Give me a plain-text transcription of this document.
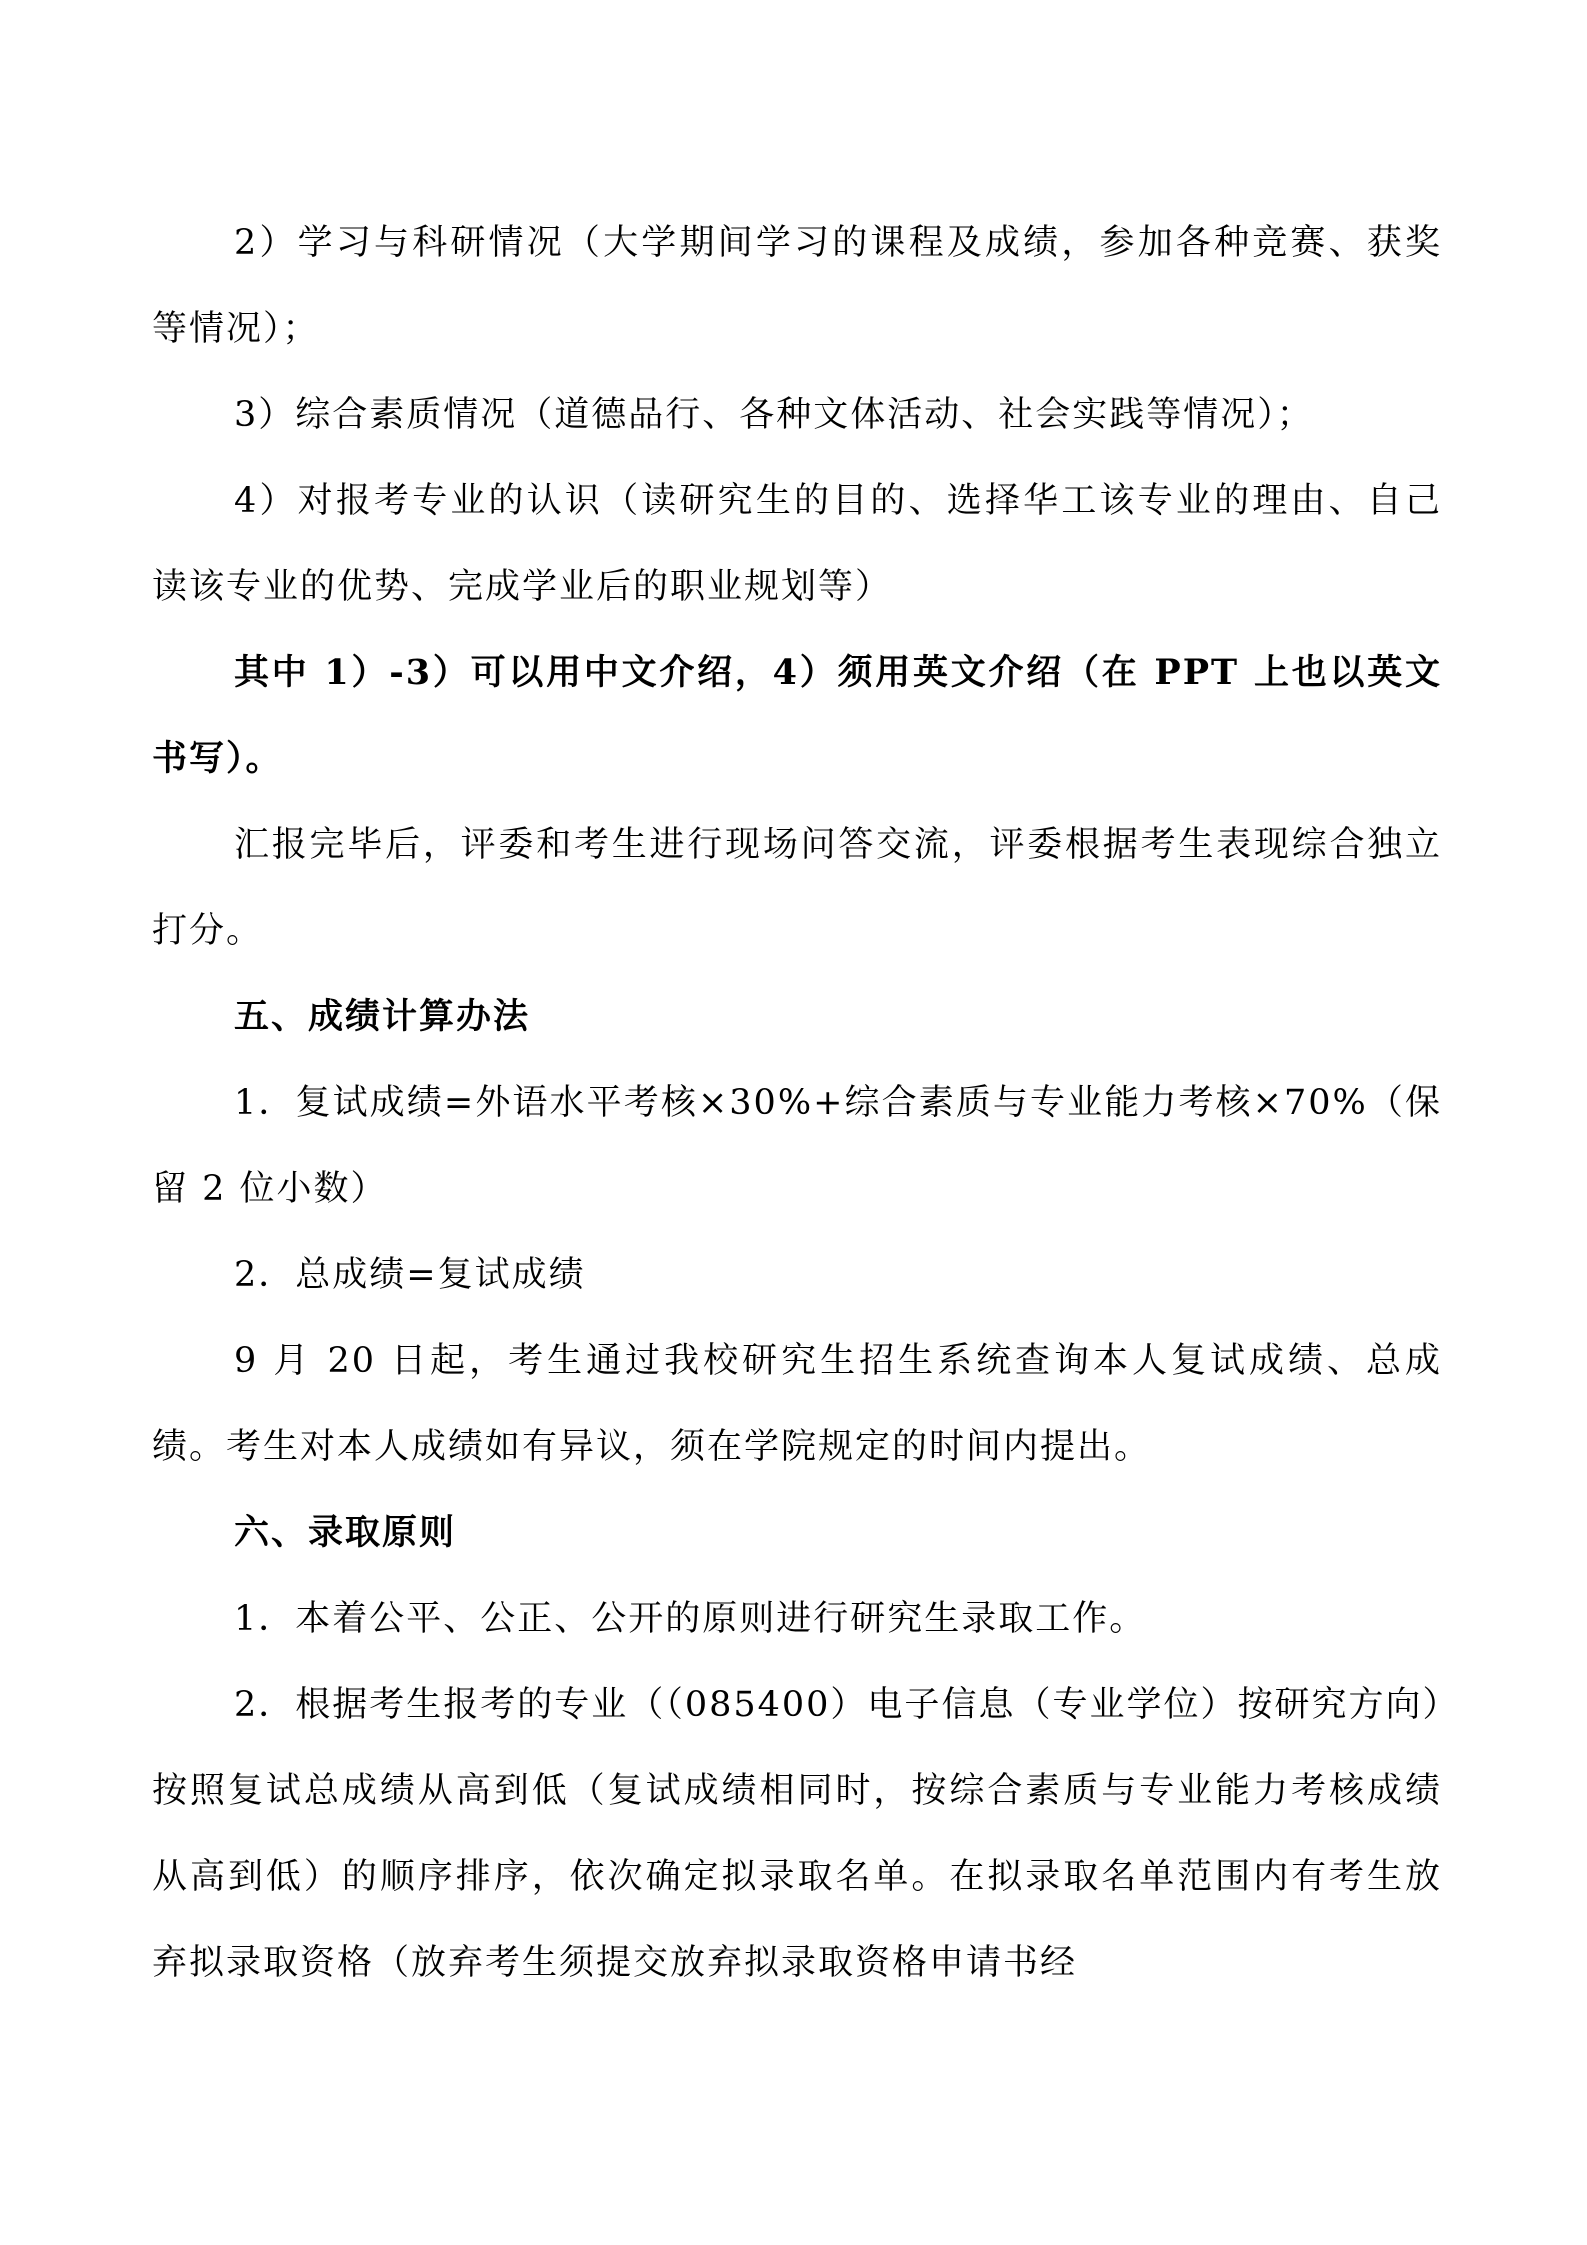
2）学习与科研情况（大学期间学习的课程及成绩，参加各种竞赛、获奖等情况）；

3）综合素质情况（道德品行、各种文体活动、社会实践等情况）；

4）对报考专业的认识（读研究生的目的、选择华工该专业的理由、自己读该专业的优势、完成学业后的职业规划等）

其中 1）-3）可以用中文介绍，4）须用英文介绍（在 PPT 上也以英文书写）。

汇报完毕后，评委和考生进行现场问答交流，评委根据考生表现综合独立打分。

五、成绩计算办法

1．复试成绩=外语水平考核×30%+综合素质与专业能力考核×70%（保留 2 位小数）

2．总成绩=复试成绩

9 月 20 日起，考生通过我校研究生招生系统查询本人复试成绩、总成绩。考生对本人成绩如有异议，须在学院规定的时间内提出。

六、录取原则

1．本着公平、公正、公开的原则进行研究生录取工作。

2．根据考生报考的专业（（085400）电子信息（专业学位）按研究方向）按照复试总成绩从高到低（复试成绩相同时，按综合素质与专业能力考核成绩从高到低）的顺序排序，依次确定拟录取名单。在拟录取名单范围内有考生放弃拟录取资格（放弃考生须提交放弃拟录取资格申请书经
